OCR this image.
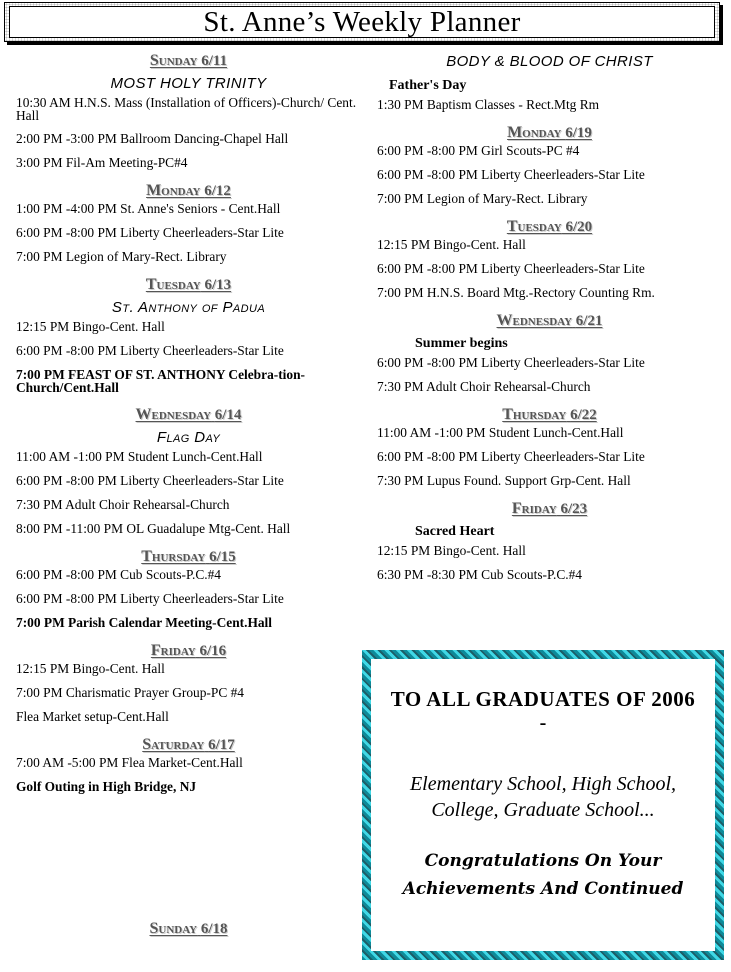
St. Anne’s Weekly Planner
Sunday 6/11
MOST HOLY TRINITY
10:30 AM H.N.S. Mass (Installation of Officers)-Church/ Cent. Hall
2:00 PM -3:00 PM Ballroom Dancing-Chapel Hall
3:00 PM Fil-Am Meeting-PC#4
Monday 6/12
1:00 PM -4:00 PM St. Anne's Seniors - Cent.Hall
6:00 PM -8:00 PM Liberty Cheerleaders-Star Lite
7:00 PM Legion of Mary-Rect. Library
Tuesday 6/13
St. Anthony of Padua
12:15 PM Bingo-Cent. Hall
6:00 PM -8:00 PM Liberty Cheerleaders-Star Lite
7:00 PM FEAST OF ST. ANTHONY Celebra-tion-Church/Cent.Hall
Wednesday 6/14
Flag Day
11:00 AM -1:00 PM Student Lunch-Cent.Hall
6:00 PM -8:00 PM Liberty Cheerleaders-Star Lite
7:30 PM Adult Choir Rehearsal-Church
8:00 PM -11:00 PM OL Guadalupe Mtg-Cent. Hall
Thursday 6/15
6:00 PM -8:00 PM Cub Scouts-P.C.#4
6:00 PM -8:00 PM Liberty Cheerleaders-Star Lite
7:00 PM Parish Calendar Meeting-Cent.Hall
Friday 6/16
12:15 PM Bingo-Cent. Hall
7:00 PM Charismatic Prayer Group-PC #4
Flea Market setup-Cent.Hall
Saturday 6/17
7:00 AM -5:00 PM Flea Market-Cent.Hall
Golf Outing in High Bridge, NJ
Sunday 6/18
BODY & BLOOD OF CHRIST
Father's Day
1:30 PM Baptism Classes - Rect.Mtg Rm
Monday 6/19
6:00 PM -8:00 PM Girl Scouts-PC #4
6:00 PM -8:00 PM Liberty Cheerleaders-Star Lite
7:00 PM Legion of Mary-Rect. Library
Tuesday 6/20
12:15 PM Bingo-Cent. Hall
6:00 PM -8:00 PM Liberty Cheerleaders-Star Lite
7:00 PM H.N.S. Board Mtg.-Rectory Counting Rm.
Wednesday 6/21
Summer begins
6:00 PM -8:00 PM Liberty Cheerleaders-Star Lite
7:30 PM Adult Choir Rehearsal-Church
Thursday 6/22
11:00 AM -1:00 PM Student Lunch-Cent.Hall
6:00 PM -8:00 PM Liberty Cheerleaders-Star Lite
7:30 PM Lupus Found. Support Grp-Cent. Hall
Friday 6/23
Sacred Heart
12:15 PM Bingo-Cent. Hall
6:30 PM -8:30 PM Cub Scouts-P.C.#4
TO ALL GRADUATES OF 2006
-
Elementary School, High School, College, Graduate School...
Congratulations On Your Achievements And Continued
